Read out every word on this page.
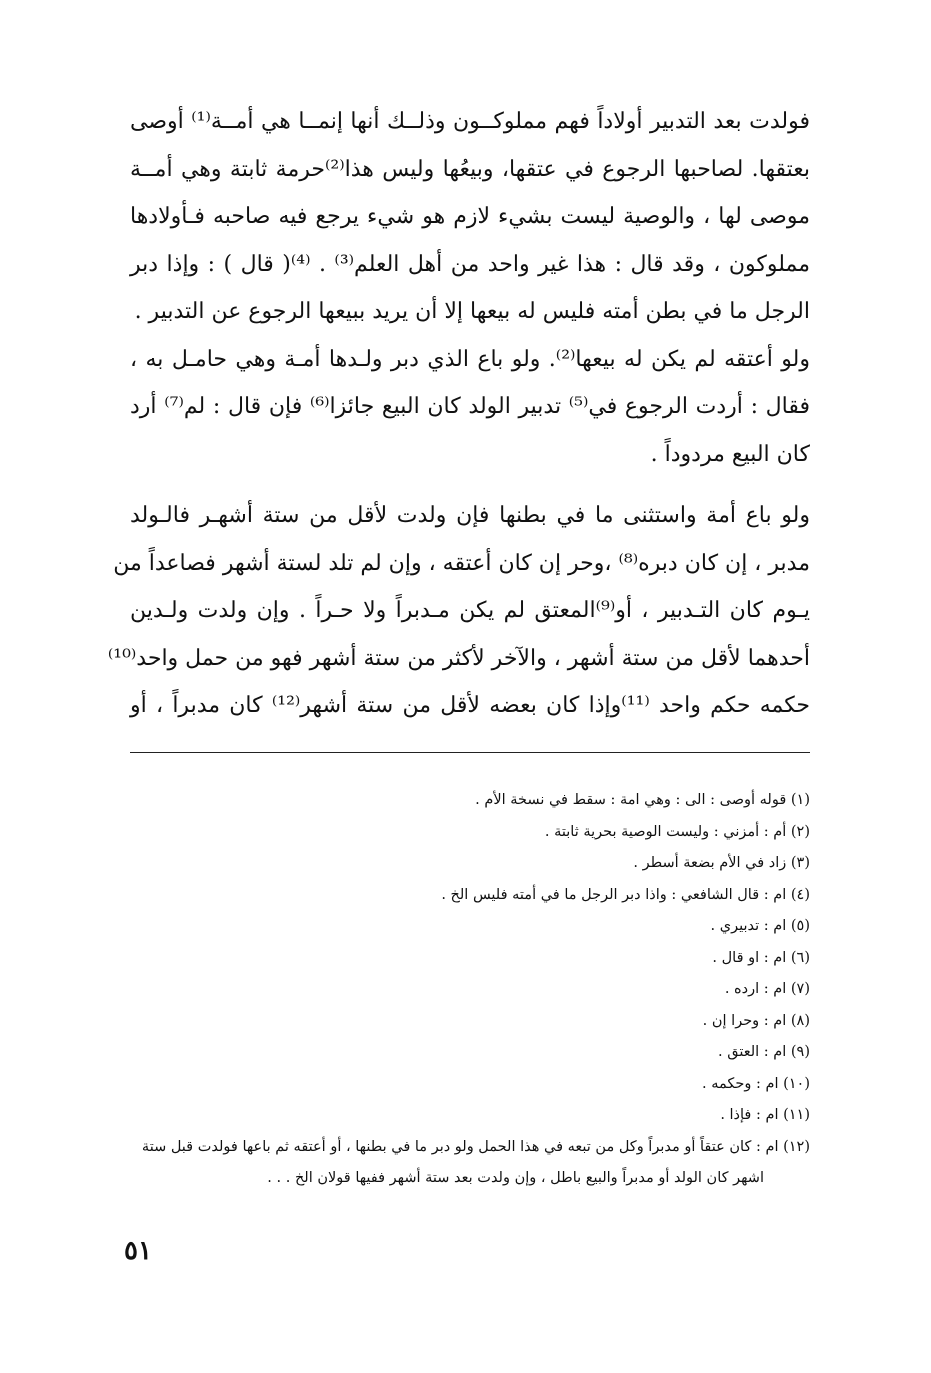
فولدت بعد التدبير أولاداً فهم مملوكــون وذلــك أنها إنمــا هي أمــة⁽¹⁾ أوصى
بعتقها. لصاحبها الرجوع في عتقها، وبيعُها وليس هذا⁽²⁾حرمة ثابتة وهي أمــة
موصى لها ، والوصية ليست بشيء لازم هو شيء يرجع فيه صاحبه فـأولادها
مملوكون ، وقد قال : هذا غير واحد من أهل العلم⁽³⁾ . ⁽⁴⁾( قال ) : وإذا دبر
الرجل ما في بطن أمته فليس له بيعها إلا أن يريد ببيعها الرجوع عن التدبير .
ولو أعتقه لم يكن له بيعها⁽²⁾. ولو باع الذي دبر ولـدها أمـة وهي حامـل به ،
فقال : أردت الرجوع في⁽⁵⁾ تدبير الولد كان البيع جائزا⁽⁶⁾ فإن قال : لم⁽⁷⁾ أرد
كان البيع مردوداً .
ولو باع أمة واستثنى ما في بطنها فإن ولدت لأقل من ستة أشهـر فالـولد
مدبر ، إن كان دبره⁽⁸⁾ ،وحر إن كان أعتقه ، وإن لم تلد لستة أشهر فصاعداً من
يـوم كان التـدبير ، أو⁽⁹⁾المعتق لم يكن مـدبراً ولا حـراً . وإن ولدت ولـدين
أحدهما لأقل من ستة أشهر ، والآخر لأكثر من ستة أشهر فهو من حمل واحد⁽¹⁰⁾
حكمه حكم واحد ⁽¹¹⁾وإذا كان بعضه لأقل من ستة أشهر⁽¹²⁾ كان مدبراً ، أو
(١) قوله أوصى : الى : وهي امة : سقط في نسخة الأم .
(٢) أم : أمزني : وليست الوصية بحرية ثابتة .
(٣) زاد في الأم بضعة أسطر .
(٤) ام : قال الشافعي : واذا دبر الرجل ما في أمته فليس الخ .
(٥) ام : تدبيري .
(٦) ام : او قال .
(٧) ام : ارده .
(٨) ام : وحرا إن .
(٩) ام : العتق .
(١٠) ام : وحكمه .
(١١) ام : فإذا .
(١٢) ام : كان عتقاً أو مدبراً وكل من تبعه في هذا الحمل ولو دبر ما في بطنها ، أو أعتقه ثم باعها فولدت قبل ستة
اشهر كان الولد أو مدبراً والبيع باطل ، وإن ولدت بعد ستة أشهر ففيها قولان الخ . . .
٥١
